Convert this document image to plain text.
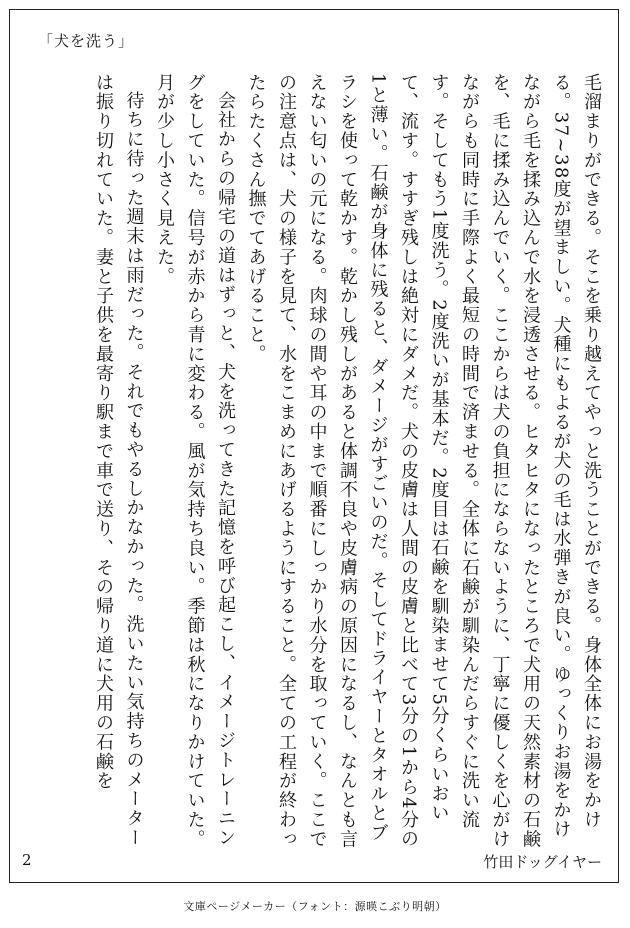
「犬を洗う」

毛溜まりができる。そこを乗り越えてやっと洗うことができる。身体全体にお湯をかける。37~38度が望ましい。犬種にもよるが犬の毛は水弾きが良い。ゆっくりお湯をかけながら毛を揉み込んで水を浸透させる。ヒタヒタになったところで犬用の天然素材の石鹸を、毛に揉み込んでいく。ここからは犬の負担にならないように、丁寧に優しくを心がけながらも同時に手際よく最短の時間で済ませる。全体に石鹸が馴染んだらすぐに洗い流す。そしてもう1度洗う。2度洗いが基本だ。2度目は石鹸を馴染ませて5分くらいおいて、流す。すすぎ残しは絶対にダメだ。犬の皮膚は人間の皮膚と比べて3分の1から4分の1と薄い。石鹸が身体に残ると、ダメージがすごいのだ。そしてドライヤーとタオルとブラシを使って乾かす。乾かし残しがあると体調不良や皮膚病の原因になるし、なんとも言えない匂いの元になる。肉球の間や耳の中まで順番にしっかり水分を取っていく。ここでの注意点は、犬の様子を見て、水をこまめにあげるようにすること。全ての工程が終わったらたくさん撫でてあげること。

会社からの帰宅の道はずっと、犬を洗ってきた記憶を呼び起こし、イメージトレーニングをしていた。信号が赤から青に変わる。風が気持ち良い。季節は秋になりかけていた。月が少し小さく見えた。

待ちに待った週末は雨だった。それでもやるしかなかった。洗いたい気持ちのメーターは振り切れていた。妻と子供を最寄り駅まで車で送り、その帰り道に犬用の石鹸を

2	竹田ドッグイヤー
文庫ページメーカー（フォント：源暎こぶり明朝）
